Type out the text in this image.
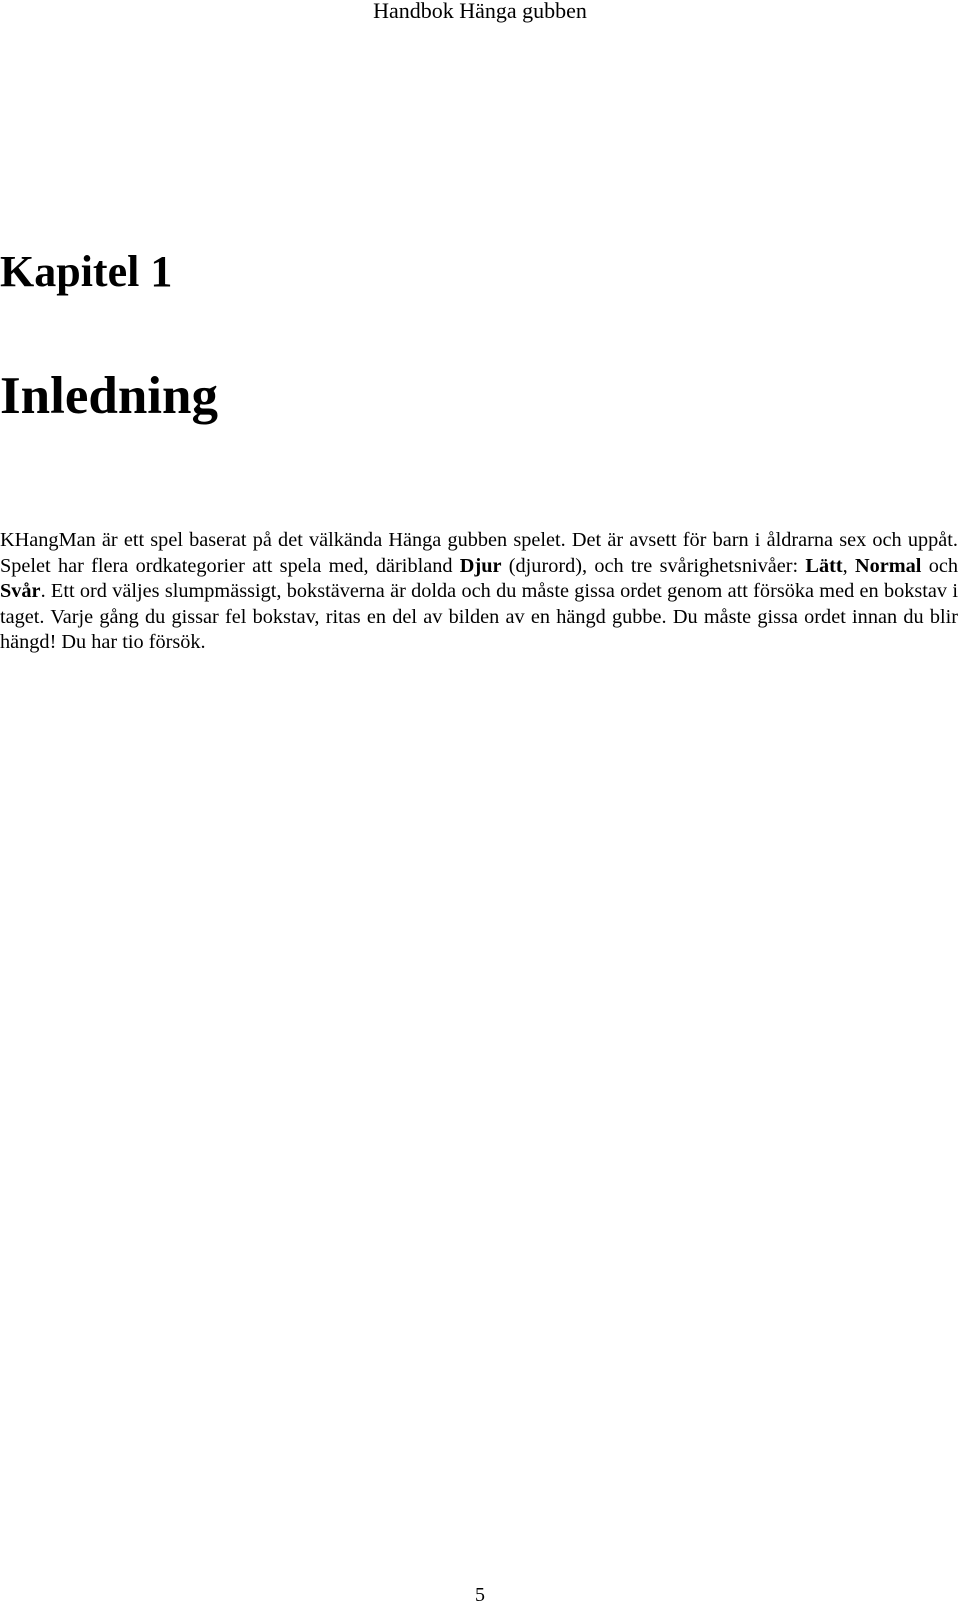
Handbok Hänga gubben
Kapitel 1
Inledning

KHangMan är ett spel baserat på det välkända Hänga gubben spelet. Det är avsett för barn i åldrarna sex och uppåt. Spelet har flera ordkategorier att spela med, däribland Djur (djurord), och tre svårighetsnivåer: Lätt, Normal och Svår. Ett ord väljes slumpmässigt, bokstäverna är dolda och du måste gissa ordet genom att försöka med en bokstav i taget. Varje gång du gissar fel bokstav, ritas en del av bilden av en hängd gubbe. Du måste gissa ordet innan du blir hängd! Du har tio försök.

5
